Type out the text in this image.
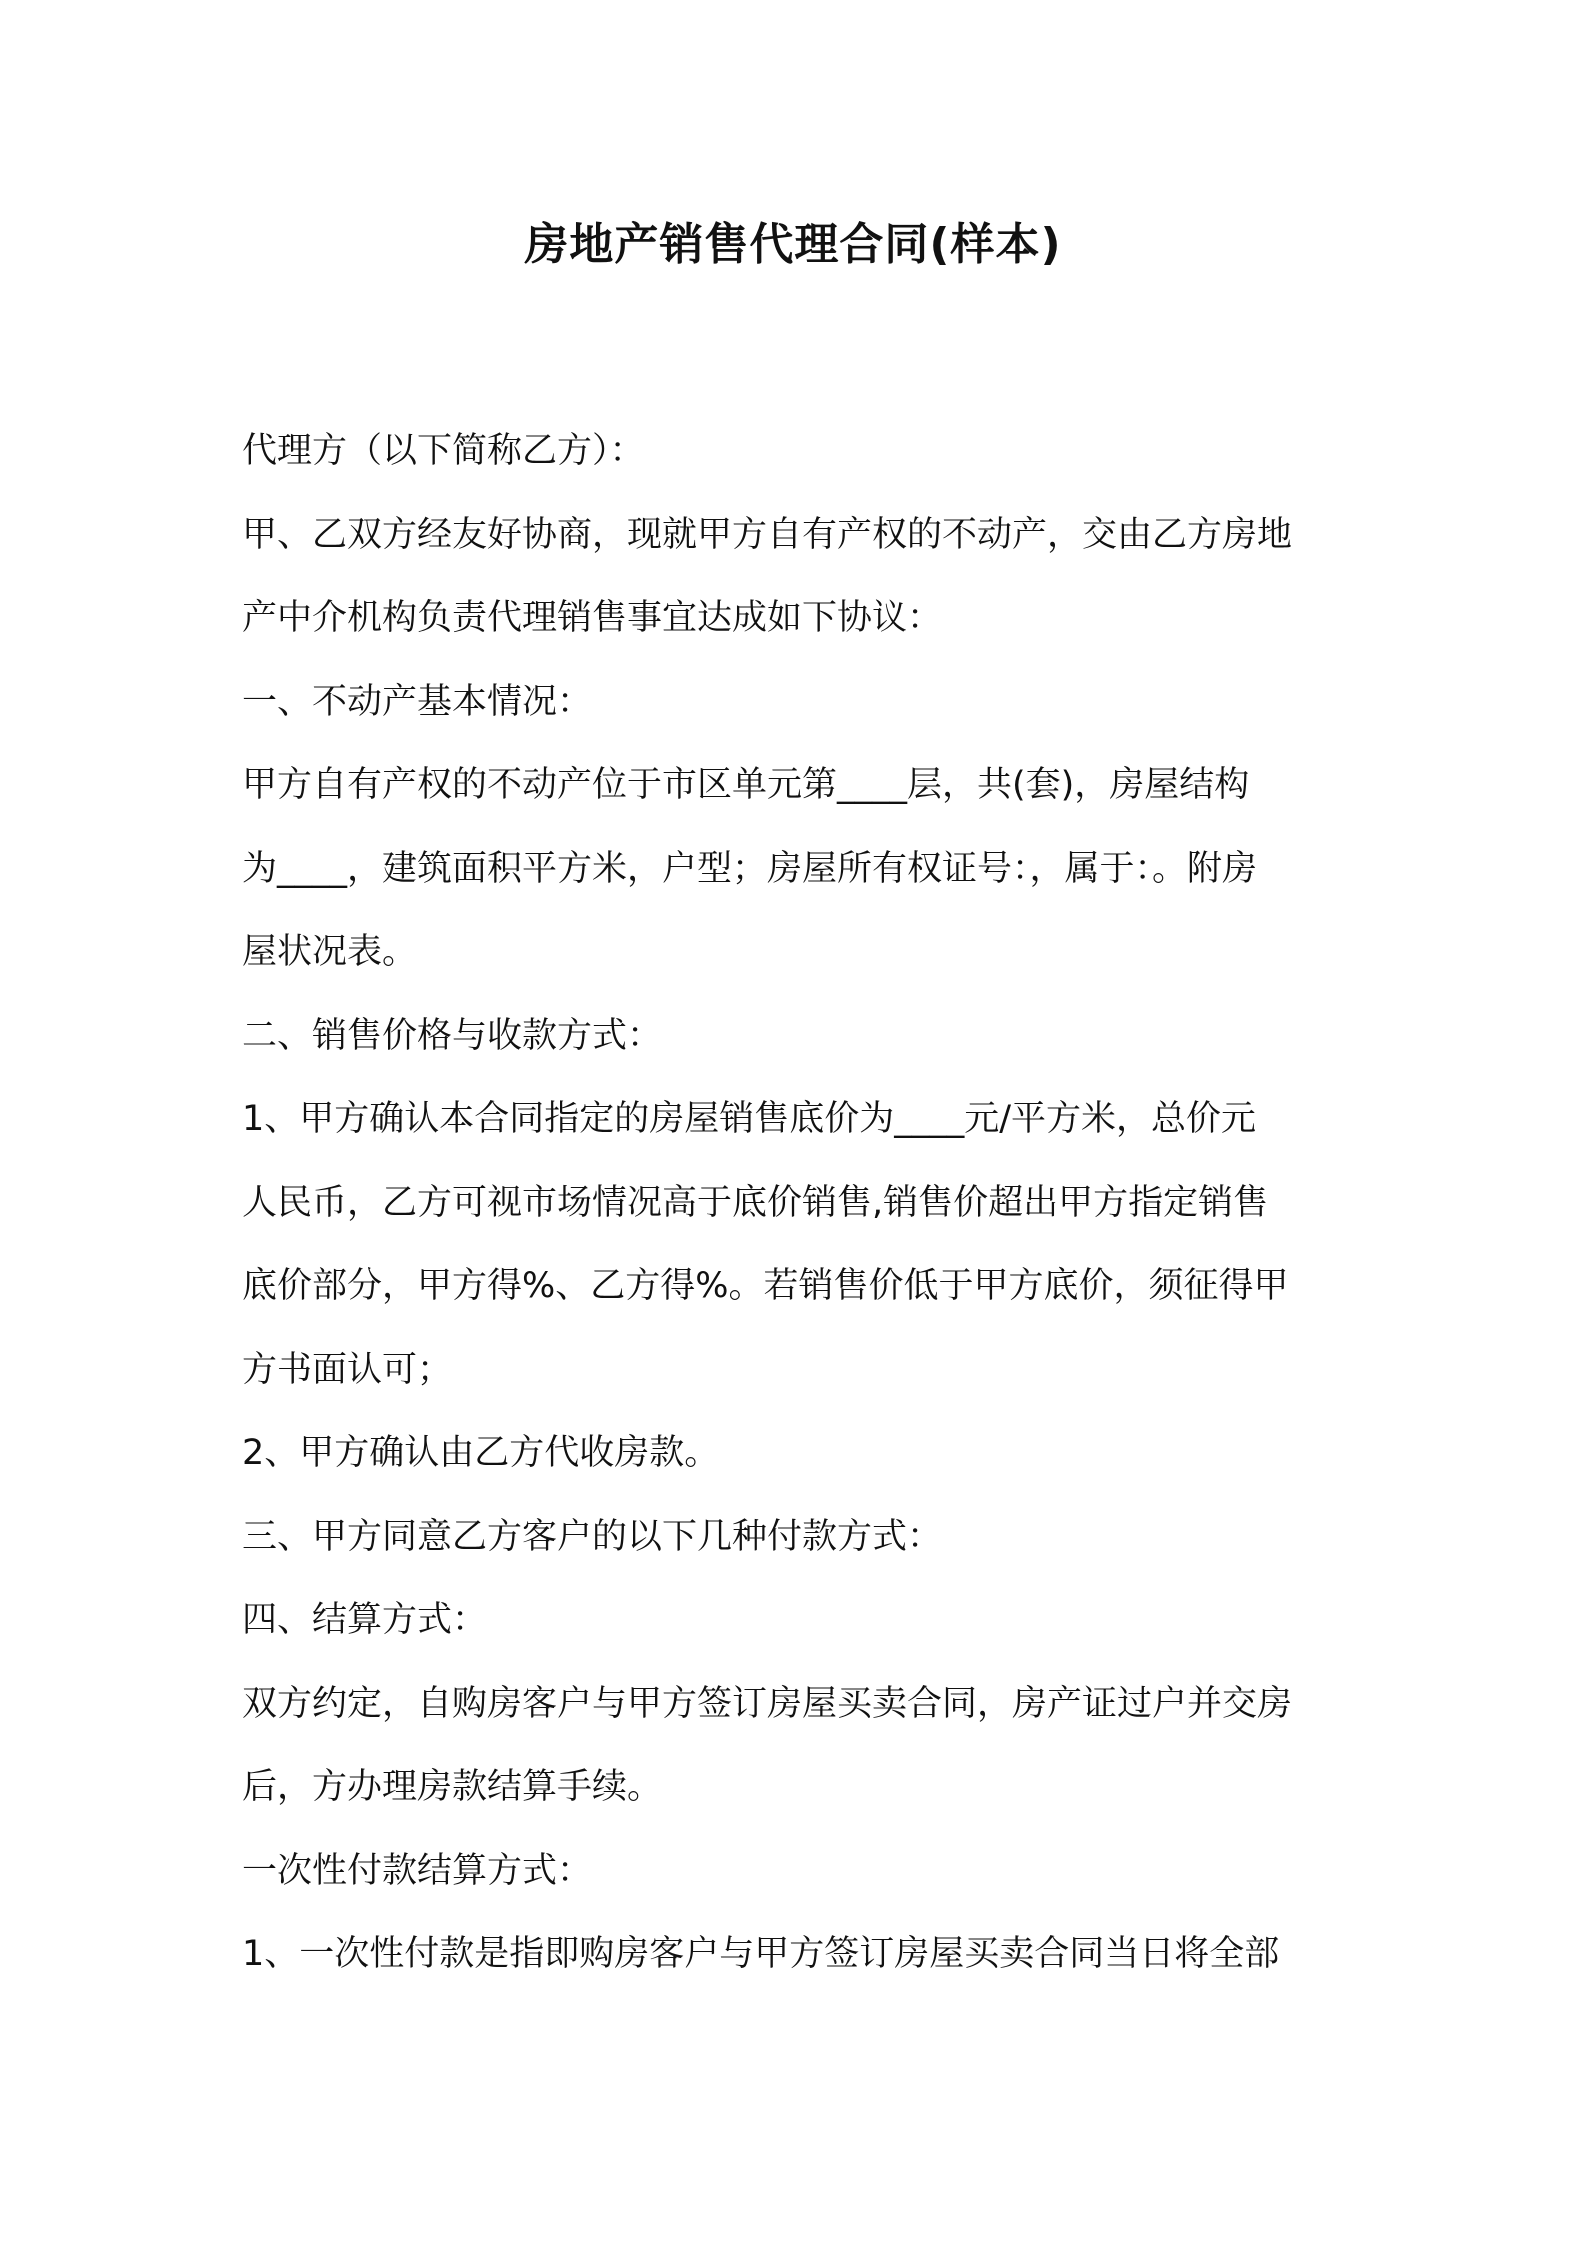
房地产销售代理合同(样本)
代理方（以下简称乙方）：
甲、乙双方经友好协商，现就甲方自有产权的不动产，交由乙方房地
产中介机构负责代理销售事宜达成如下协议：
一、不动产基本情况：
甲方自有产权的不动产位于市区单元第____层，共(套)，房屋结构
为____，建筑面积平方米，户型；房屋所有权证号：，属于：。附房
屋状况表。
二、销售价格与收款方式：
1、甲方确认本合同指定的房屋销售底价为____元/平方米，总价元
人民币，乙方可视市场情况高于底价销售,销售价超出甲方指定销售
底价部分，甲方得%、乙方得%。若销售价低于甲方底价，须征得甲
方书面认可；
2、甲方确认由乙方代收房款。
三、甲方同意乙方客户的以下几种付款方式：
四、结算方式：
双方约定，自购房客户与甲方签订房屋买卖合同，房产证过户并交房
后，方办理房款结算手续。
一次性付款结算方式：
1、一次性付款是指即购房客户与甲方签订房屋买卖合同当日将全部
